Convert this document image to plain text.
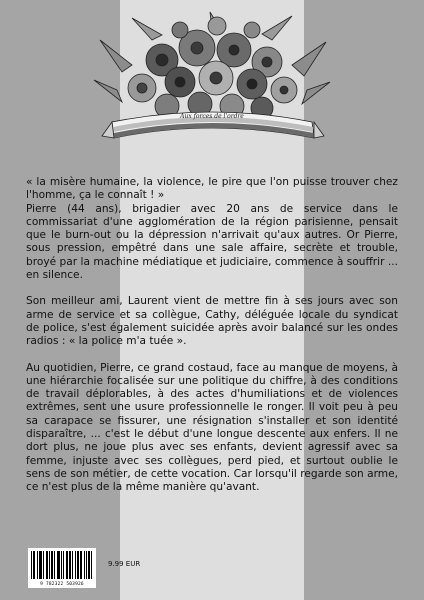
Aux forces de l'ordre

« la misère humaine, la violence, le pire que l'on puisse trouver chez l'homme, ça le connaît ! »
Pierre (44 ans), brigadier avec 20 ans de service dans le commissariat d'une agglomération de la région parisienne, pensait que le burn-out ou la dépression n'arrivait qu'aux autres. Or Pierre, sous pression, empêtré dans une sale affaire, secrète et trouble, broyé par la machine médiatique et judiciaire, commence à souffrir ... en silence.

Son meilleur ami, Laurent vient de mettre fin à ses jours avec son arme de service et sa collègue, Cathy, déléguée locale du syndicat de police, s'est également suicidée après avoir balancé sur les ondes radios : « la police m'a tuée ».

Au quotidien, Pierre, ce grand costaud, face au manque de moyens, à une hiérarchie focalisée sur une politique du chiffre, à des conditions de travail déplorables, à des actes d'humiliations et de violences extrêmes, sent une usure professionnelle le ronger. Il voit peu à peu sa carapace se fissurer, une résignation s'installer et son identité disparaître, ... c'est le début d'une longue descente aux enfers. Il ne dort plus, ne joue plus avec ses enfants, devient agressif avec sa femme, injuste avec ses collègues, perd pied, et surtout oublie le sens de son métier, de cette vocation. Car lorsqu'il regarde son arme, ce n'est plus de la même manière qu'avant.

9 782322 503926
9.99 EUR
